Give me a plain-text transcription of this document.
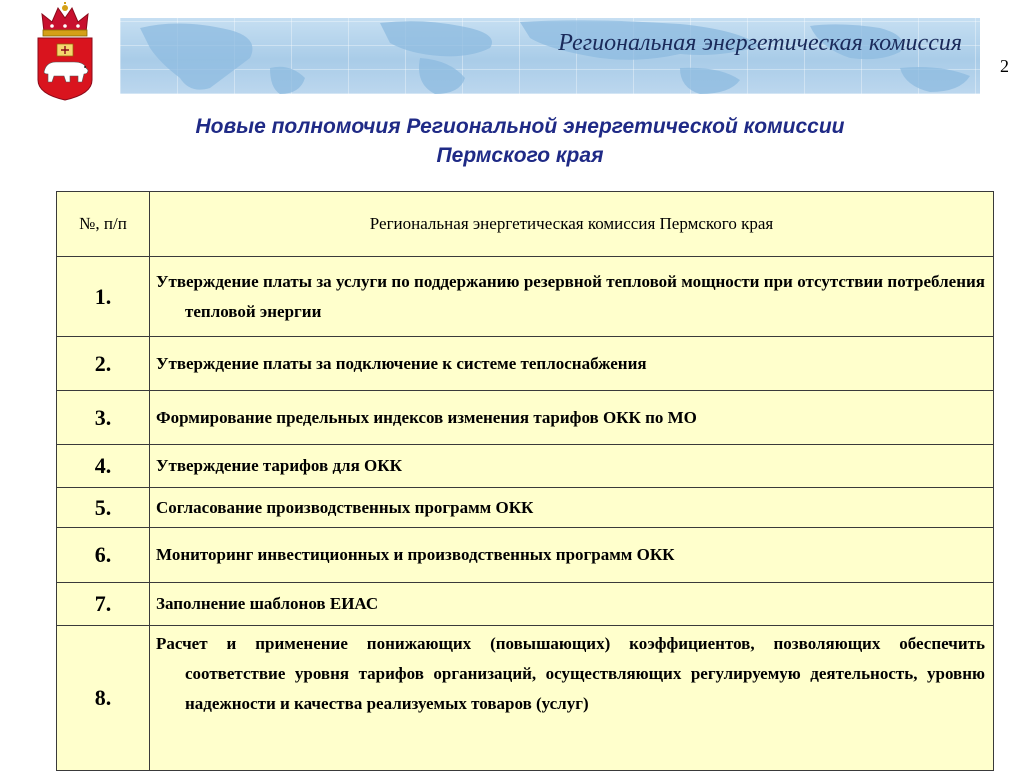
Региональная энергетическая комиссия
2
Новые полномочия Региональной энергетической комиссии
Пермского края
№, п/п	Региональная энергетическая комиссия Пермского края
1.	Утверждение платы за услуги по поддержанию резервной тепловой мощности при отсутствии потребления тепловой энергии
2.	Утверждение платы за подключение к системе теплоснабжения
3.	Формирование предельных индексов изменения тарифов ОКК по МО
4.	Утверждение тарифов для ОКК
5.	Согласование производственных программ ОКК
6.	Мониторинг инвестиционных и производственных программ ОКК
7.	Заполнение шаблонов ЕИАС
8.	Расчет и применение понижающих (повышающих) коэффициентов, позволяющих обеспечить соответствие уровня тарифов организаций, осуществляющих регулируемую деятельность, уровню надежности и качества реализуемых товаров (услуг)
